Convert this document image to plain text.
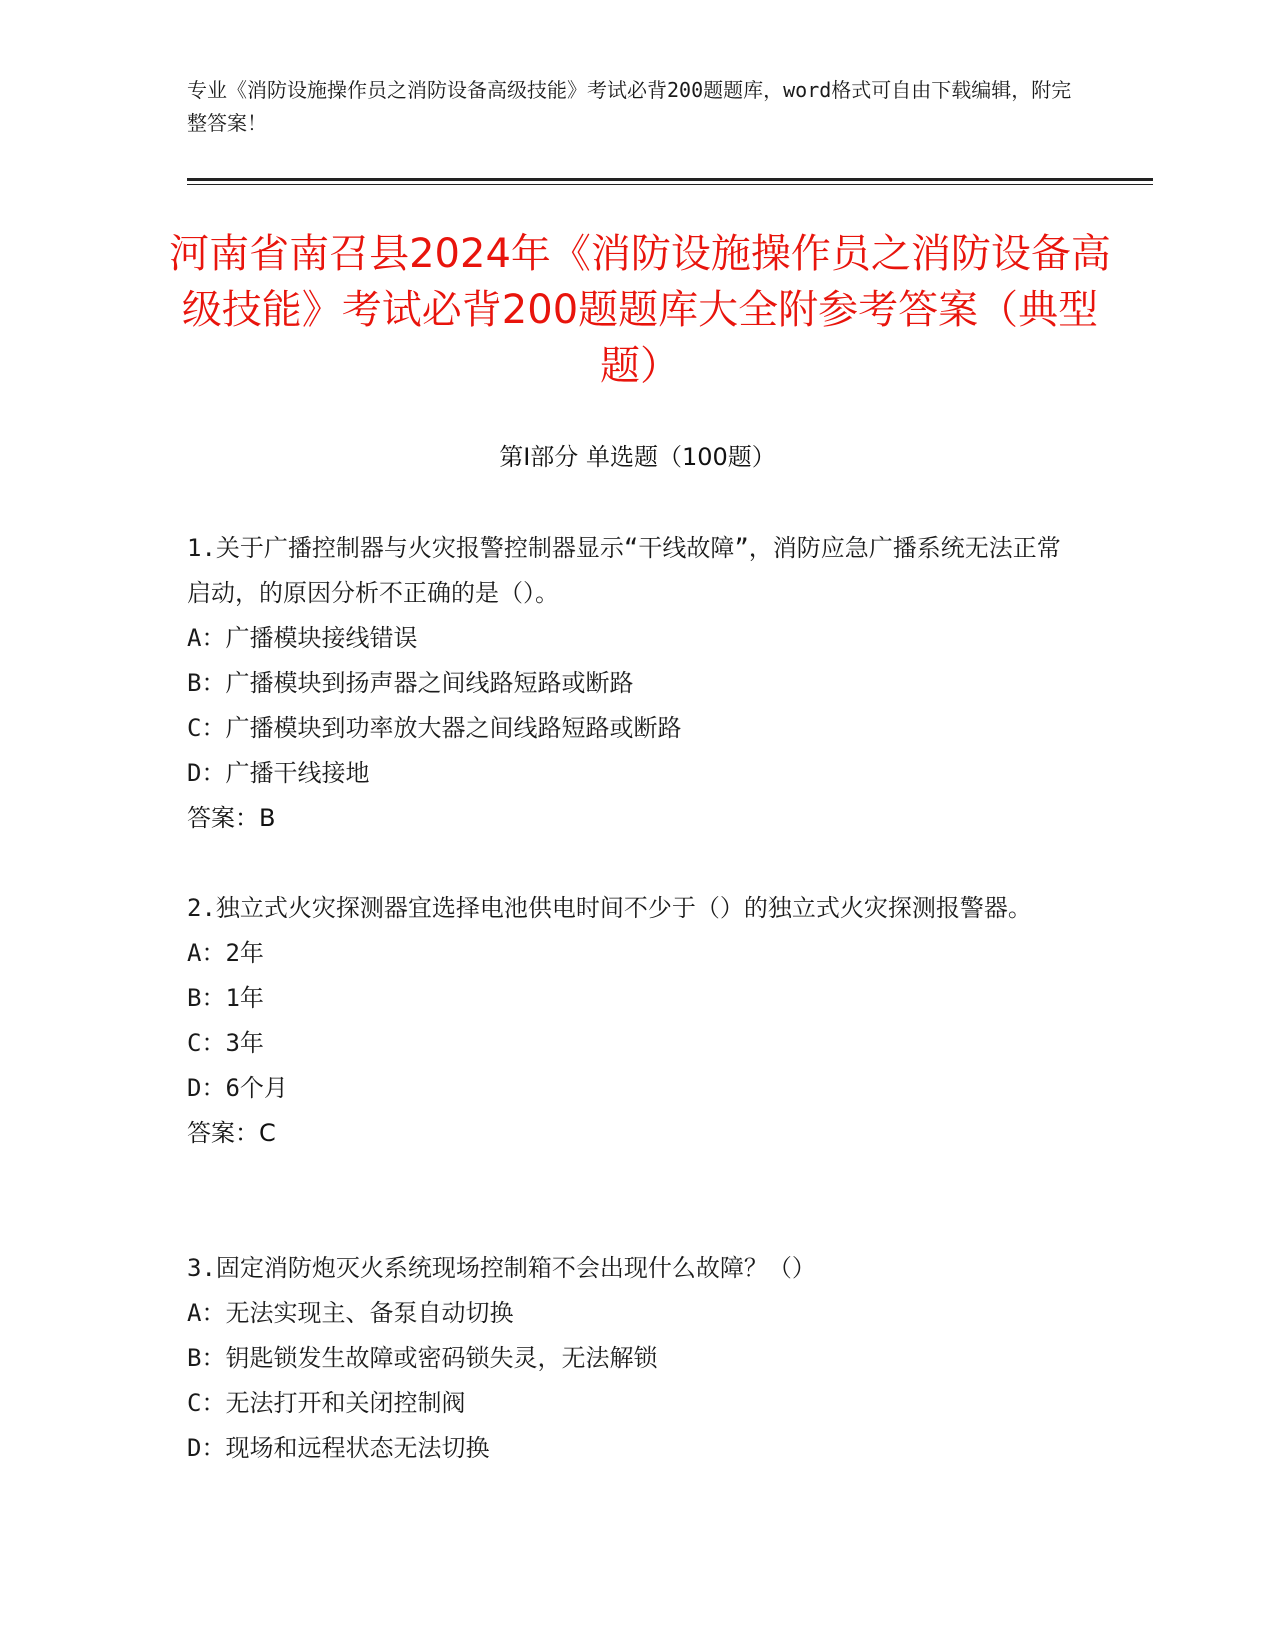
专业《消防设施操作员之消防设备高级技能》考试必背200题题库，word格式可自由下载编辑，附完整答案！
河南省南召县2024年《消防设施操作员之消防设备高级技能》考试必背200题题库大全附参考答案（典型题）
第Ⅰ部分 单选题（100题）

1.关于广播控制器与火灾报警控制器显示“干线故障”，消防应急广播系统无法正常启动，的原因分析不正确的是（）。

A：广播模块接线错误

B：广播模块到扬声器之间线路短路或断路

C：广播模块到功率放大器之间线路短路或断路

D：广播干线接地

答案：B

2.独立式火灾探测器宜选择电池供电时间不少于（）的独立式火灾探测报警器。

A：2年

B：1年

C：3年

D：6个月

答案：C

3.固定消防炮灭火系统现场控制箱不会出现什么故障？（）

A：无法实现主、备泵自动切换

B：钥匙锁发生故障或密码锁失灵，无法解锁

C：无法打开和关闭控制阀

D：现场和远程状态无法切换
